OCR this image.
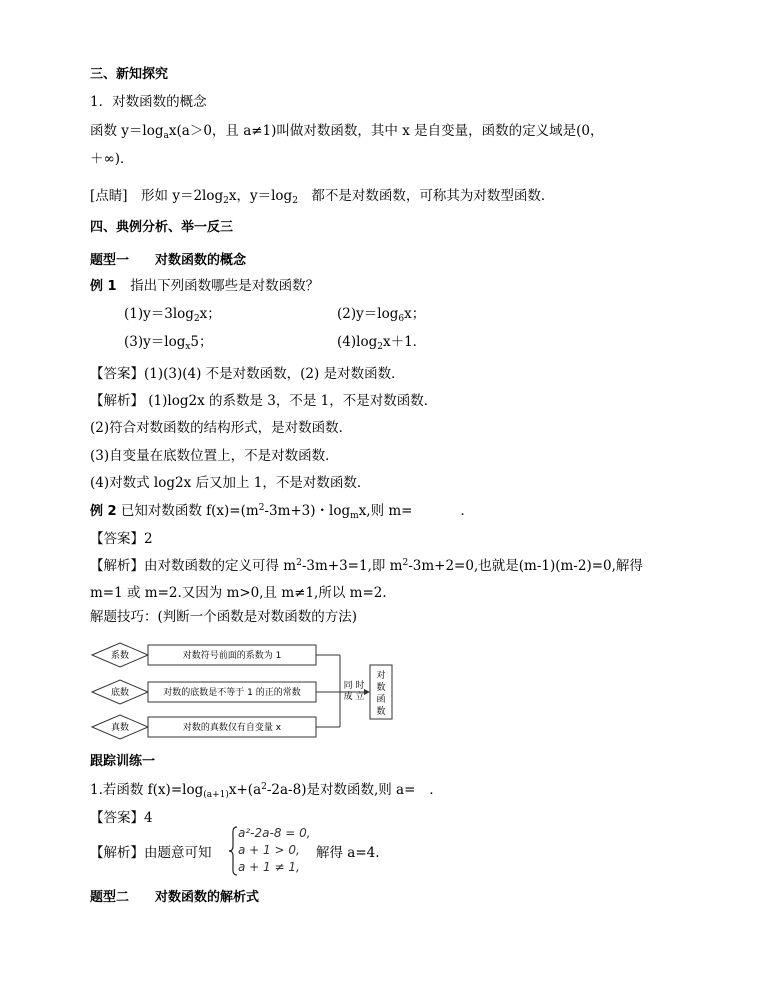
三、新知探究
1．对数函数的概念
函数 $y=\log_ax(a>0$，且 a≠1)叫做对数函数，其中 x 是自变量，函数的定义域是(0，
＋∞)．
[点睛]　形如 $y=2\log_2x$，$y=\log_2$　都不是对数函数，可称其为对数型函数．
四、典例分析、举一反三
题型一　　对数函数的概念
例 1　指出下列函数哪些是对数函数？
$(1)y=3\log_2x$；	$(2)y=\log_6x$；
$(3)y=\log_x5$；	$(4)\log_2x+1$．
【答案】(1)(3)(4) 不是对数函数，(2) 是对数函数．
【解析】 (1)log2x 的系数是 3，不是 1，不是对数函数．
(2)符合对数函数的结构形式，是对数函数．
(3)自变量在底数位置上，不是对数函数．
(4)对数式 log2x 后又加上 1，不是对数函数．
例 2 已知对数函数 $f(x)=(m^2-3m+3)$・$\log_mx$,则 m=	．
【答案】2
【解析】由对数函数的定义可得 $m^2-3m+3=1$,即 $m^2-3m+2=0$,也就是(m-1)(m-2)=0,解得
m=1 或 m=2.又因为 m>0,且 m≠1,所以 m=2.
解题技巧：(判断一个函数是对数函数的方法)
系数
底数
真数
对数符号前面的系数为 1
对数的底数是不等于 1 的正的常数
对数的真数仅有自变量 x
同 时
成 立
对
数
函
数
跟踪训练一
1.若函数 $f(x)=\log_{(a+1)}x+(a^2-2a-8)$是对数函数,则 a= ．
【答案】4
【解析】由题意可知
a²-2a-8 = 0,
a + 1 > 0,
a + 1 ≠ 1,
解得 a=4.
题型二　　对数函数的解析式
